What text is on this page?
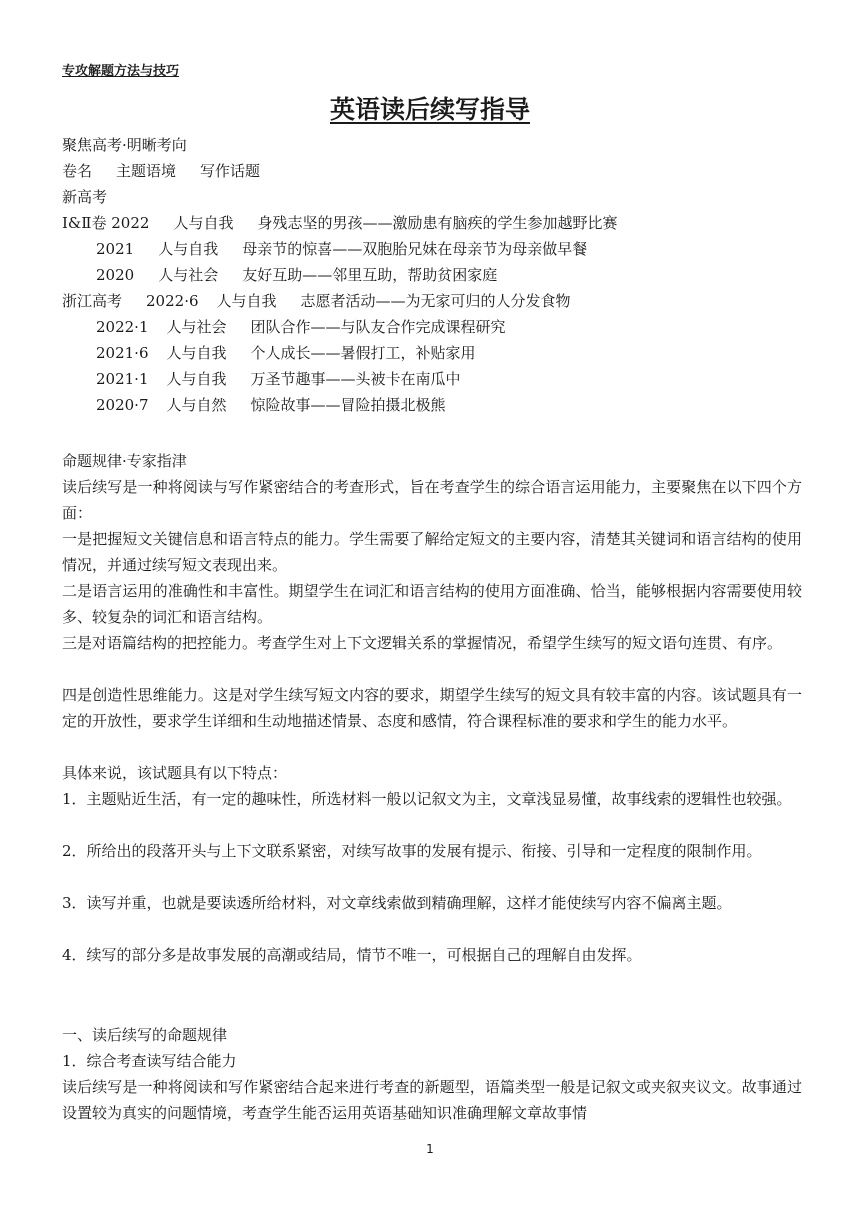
专攻解题方法与技巧
英语读后续写指导
聚焦高考·明晰考向
卷名 主题语境 写作话题
新高考
Ⅰ&Ⅱ卷 2022 人与自我 身残志坚的男孩——激励患有脑疾的学生参加越野比赛
2021 人与自我 母亲节的惊喜——双胞胎兄妹在母亲节为母亲做早餐
2020 人与社会 友好互助——邻里互助，帮助贫困家庭
浙江高考 2022·6 人与自我 志愿者活动——为无家可归的人分发食物
2022·1 人与社会 团队合作——与队友合作完成课程研究
2021·6 人与自我 个人成长——暑假打工，补贴家用
2021·1 人与自我 万圣节趣事——头被卡在南瓜中
2020·7 人与自然 惊险故事——冒险拍摄北极熊
命题规律·专家指津
读后续写是一种将阅读与写作紧密结合的考查形式，旨在考查学生的综合语言运用能力，主要聚焦在以下四个方面：
一是把握短文关键信息和语言特点的能力。学生需要了解给定短文的主要内容，清楚其关键词和语言结构的使用情况，并通过续写短文表现出来。
二是语言运用的准确性和丰富性。期望学生在词汇和语言结构的使用方面准确、恰当，能够根据内容需要使用较多、较复杂的词汇和语言结构。
三是对语篇结构的把控能力。考查学生对上下文逻辑关系的掌握情况，希望学生续写的短文语句连贯、有序。
四是创造性思维能力。这是对学生续写短文内容的要求，期望学生续写的短文具有较丰富的内容。该试题具有一定的开放性，要求学生详细和生动地描述情景、态度和感情，符合课程标准的要求和学生的能力水平。
具体来说，该试题具有以下特点：
1．主题贴近生活，有一定的趣味性，所选材料一般以记叙文为主，文章浅显易懂，故事线索的逻辑性也较强。
2．所给出的段落开头与上下文联系紧密，对续写故事的发展有提示、衔接、引导和一定程度的限制作用。
3．读写并重，也就是要读透所给材料，对文章线索做到精确理解，这样才能使续写内容不偏离主题。
4．续写的部分多是故事发展的高潮或结局，情节不唯一，可根据自己的理解自由发挥。
一、读后续写的命题规律
1．综合考查读写结合能力
读后续写是一种将阅读和写作紧密结合起来进行考查的新题型，语篇类型一般是记叙文或夹叙夹议文。故事通过设置较为真实的问题情境，考查学生能否运用英语基础知识准确理解文章故事情
1
